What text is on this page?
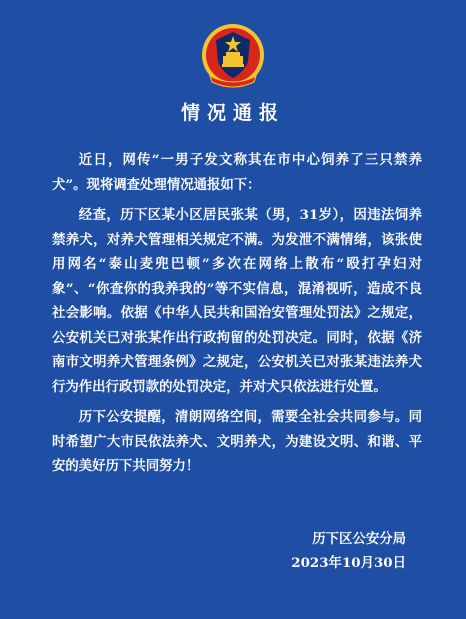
情况通报

近日，网传“一男子发文称其在市中心饲养了三只禁养犬”。现将调查处理情况通报如下：

经查，历下区某小区居民张某（男，31岁），因违法饲养禁养犬，对养犬管理相关规定不满。为发泄不满情绪，该张使用网名“泰山麦兜巴顿”多次在网络上散布“殴打孕妇对象”、“你查你的我养我的”等不实信息，混淆视听，造成不良社会影响。依据《中华人民共和国治安管理处罚法》之规定，公安机关已对张某作出行政拘留的处罚决定。同时，依据《济南市文明养犬管理条例》之规定，公安机关已对张某违法养犬行为作出行政罚款的处罚决定，并对犬只依法进行处置。

历下公安提醒，清朗网络空间，需要全社会共同参与。同时希望广大市民依法养犬、文明养犬，为建设文明、和谐、平安的美好历下共同努力！

历下区公安分局
2023年10月30日
